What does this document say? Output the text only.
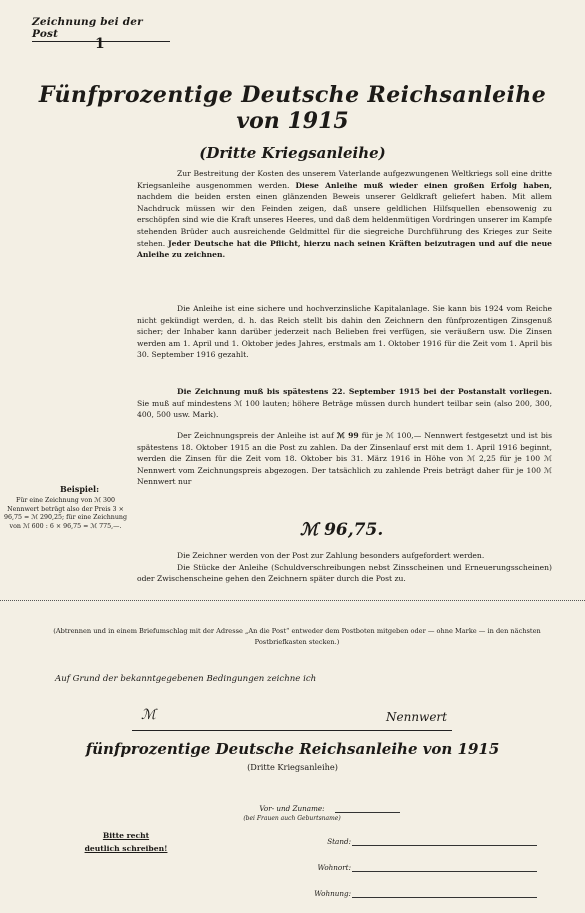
Zeichnung bei der Post
1
Fünfprozentige Deutsche Reichsanleihe
von 1915
(Dritte Kriegsanleihe)

Zur Bestreitung der Kosten des unserem Vaterlande aufgezwungenen Weltkriegs soll eine dritte Kriegsanleihe ausgenommen werden. Diese Anleihe muß wieder einen großen Erfolg haben, nachdem die beiden ersten einen glänzenden Beweis unserer Geldkraft geliefert haben. Mit allem Nachdruck müssen wir den Feinden zeigen, daß unsere geldlichen Hilfsquellen ebensowenig zu erschöpfen sind wie die Kraft unseres Heeres, und daß dem heldenmütigen Vordringen unserer im Kampfe stehenden Brüder auch ausreichende Geldmittel für die siegreiche Durchführung des Krieges zur Seite stehen. Jeder Deutsche hat die Pflicht, hierzu nach seinen Kräften beizutragen und auf die neue Anleihe zu zeichnen.

Die Anleihe ist eine sichere und hochverzinsliche Kapitalanlage. Sie kann bis 1924 vom Reiche nicht gekündigt werden, d. h. das Reich stellt bis dahin den Zeichnern den fünfprozentigen Zinsgenuß sicher; der Inhaber kann darüber jederzeit nach Belieben frei verfügen, sie veräußern usw. Die Zinsen werden am 1. April und 1. Oktober jedes Jahres, erstmals am 1. Oktober 1916 für die Zeit vom 1. April bis 30. September 1916 gezahlt.

Die Zeichnung muß bis spätestens 22. September 1915 bei der Postanstalt vorliegen. Sie muß auf mindestens ℳ 100 lauten; höhere Beträge müssen durch hundert teilbar sein (also 200, 300, 400, 500 usw. Mark).

Der Zeichnungspreis der Anleihe ist auf ℳ 99 für je ℳ 100,— Nennwert festgesetzt und ist bis spätestens 18. Oktober 1915 an die Post zu zahlen. Da der Zinsenlauf erst mit dem 1. April 1916 beginnt, werden die Zinsen für die Zeit vom 18. Oktober bis 31. März 1916 in Höhe von ℳ 2,25 für je 100 ℳ Nennwert vom Zeichnungspreis abgezogen. Der tatsächlich zu zahlende Preis beträgt daher für je 100 ℳ Nennwert nur

ℳ 96,75.

Die Zeichner werden von der Post zur Zahlung besonders aufgefordert werden.

Die Stücke der Anleihe (Schuldverschreibungen nebst Zinsscheinen und Erneuerungsscheinen) oder Zwischenscheine gehen den Zeichnern später durch die Post zu.

Beispiel:
Für eine Zeichnung von ℳ 300 Nennwert beträgt also der Preis 3 × 96,75 = ℳ 290,25; für eine Zeichnung von ℳ 600 : 6 × 96,75 = ℳ 775,—.
(Abtrennen und in einem Briefumschlag mit der Adresse „An die Post“ entweder dem Postboten mitgeben oder — ohne Marke — in den nächsten Postbriefkasten stecken.)
Auf Grund der bekanntgegebenen Bedingungen zeichne ich
ℳ	Nennwert
fünfprozentige Deutsche Reichsanleihe von 1915
(Dritte Kriegsanleihe)
Bitte recht
deutlich schreiben!
Vor- und Zuname:
(bei Frauen auch Geburtsname)
Stand:
Wohnort:
Wohnung:
